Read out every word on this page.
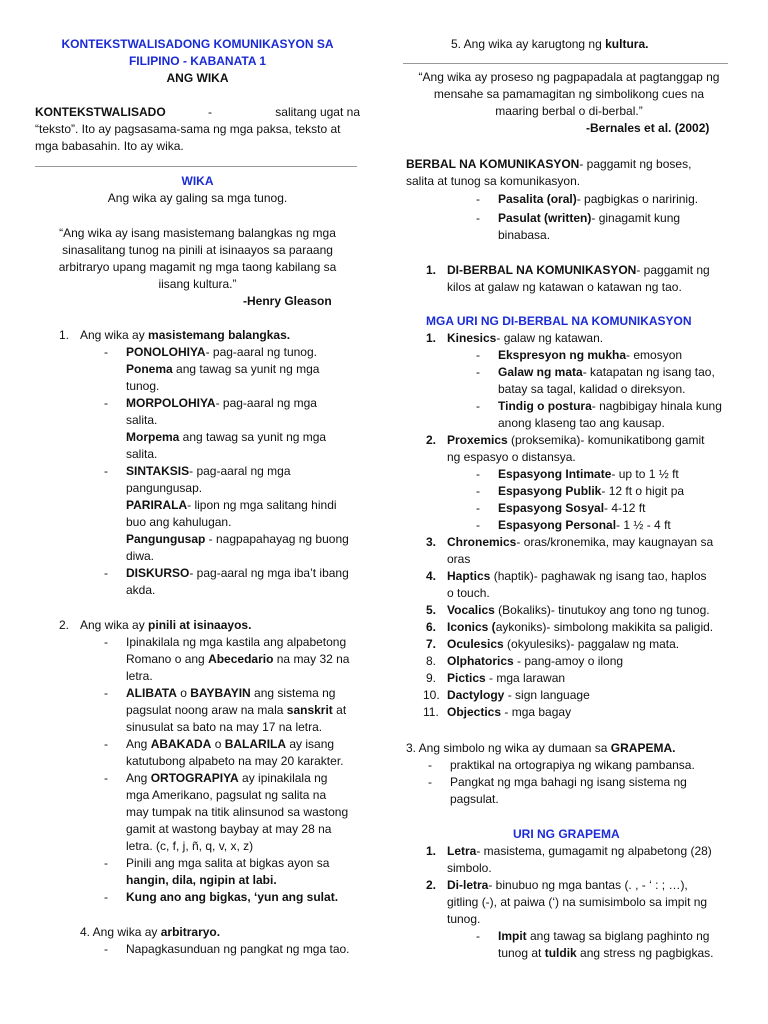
KONTEKSTWALISADONG KOMUNIKASYON SA
FILIPINO - KABANATA 1
ANG WIKA
KONTEKSTWALISADO	-	salitang ugat na
“teksto”. Ito ay pagsasama-sama ng mga paksa, teksto at
mga babasahin. Ito ay wika.
WIKA
Ang wika ay galing sa mga tunog.
“Ang wika ay isang masistemang balangkas ng mga
sinasalitang tunog na pinili at isinaayos sa paraang
arbitraryo upang magamit ng mga taong kabilang sa
iisang kultura.”
-Henry Gleason
1. Ang wika ay masistemang balangkas.
- PONOLOHIYA- pag-aaral ng tunog.
Ponema ang tawag sa yunit ng mga
tunog.
- MORPOLOHIYA- pag-aaral ng mga
salita.
Morpema ang tawag sa yunit ng mga
salita.
- SINTAKSIS- pag-aaral ng mga
pangungusap.
PARIRALA- lipon ng mga salitang hindi
buo ang kahulugan.
Pangungusap - nagpapahayag ng buong
diwa.
- DISKURSO- pag-aaral ng mga iba’t ibang
akda.
2. Ang wika ay pinili at isinaayos.
- Ipinakilala ng mga kastila ang alpabetong
Romano o ang Abecedario na may 32 na
letra.
- ALIBATA o BAYBAYIN ang sistema ng
pagsulat noong araw na mala sanskrit at
sinusulat sa bato na may 17 na letra.
- Ang ABAKADA o BALARILA ay isang
katutubong alpabeto na may 20 karakter.
- Ang ORTOGRAPIYA ay ipinakilala ng
mga Amerikano, pagsulat ng salita na
may tumpak na titik alinsunod sa wastong
gamit at wastong baybay at may 28 na
letra. (c, f, j, ñ, q, v, x, z)
- Pinili ang mga salita at bigkas ayon sa
hangin, dila, ngipin at labi.
- Kung ano ang bigkas, ‘yun ang sulat.
4. Ang wika ay arbitraryo.
- Napagkasunduan ng pangkat ng mga tao.
5. Ang wika ay karugtong ng kultura.
“Ang wika ay proseso ng pagpapadala at pagtanggap ng
mensahe sa pamamagitan ng simbolikong cues na
maaring berbal o di-berbal.”
-Bernales et al. (2002)
BERBAL NA KOMUNIKASYON- paggamit ng boses,
salita at tunog sa komunikasyon.
- Pasalita (oral)- pagbigkas o naririnig.
- Pasulat (written)- ginagamit kung
binabasa.
1. DI-BERBAL NA KOMUNIKASYON- paggamit ng
kilos at galaw ng katawan o katawan ng tao.
MGA URI NG DI-BERBAL NA KOMUNIKASYON
1. Kinesics- galaw ng katawan.
- Ekspresyon ng mukha- emosyon
- Galaw ng mata- katapatan ng isang tao,
batay sa tagal, kalidad o direksyon.
- Tindig o postura- nagbibigay hinala kung
anong klaseng tao ang kausap.
2. Proxemics (proksemika)- komunikatibong gamit
ng espasyo o distansya.
- Espasyong Intimate- up to 1 ½ ft
- Espasyong Publik- 12 ft o higit pa
- Espasyong Sosyal- 4-12 ft
- Espasyong Personal- 1 ½ - 4 ft
3. Chronemics- oras/kronemika, may kaugnayan sa
oras
4. Haptics (haptik)- paghawak ng isang tao, haplos
o touch.
5. Vocalics (Bokaliks)- tinutukoy ang tono ng tunog.
6. Iconics (aykoniks)- simbolong makikita sa paligid.
7. Oculesics (okyulesiks)- paggalaw ng mata.
8. Olphatorics - pang-amoy o ilong
9. Pictics - mga larawan
10. Dactylogy - sign language
11. Objectics - mga bagay
3. Ang simbolo ng wika ay dumaan sa GRAPEMA.
- praktikal na ortograpiya ng wikang pambansa.
- Pangkat ng mga bahagi ng isang sistema ng
pagsulat.
URI NG GRAPEMA
1. Letra- masistema, gumagamit ng alpabetong (28)
simbolo.
2. Di-letra- binubuo ng mga bantas (. , - ‘ : ; …),
gitling (-), at paiwa (‘) na sumisimbolo sa impit ng
tunog.
- Impit ang tawag sa biglang paghinto ng
tunog at tuldik ang stress ng pagbigkas.
